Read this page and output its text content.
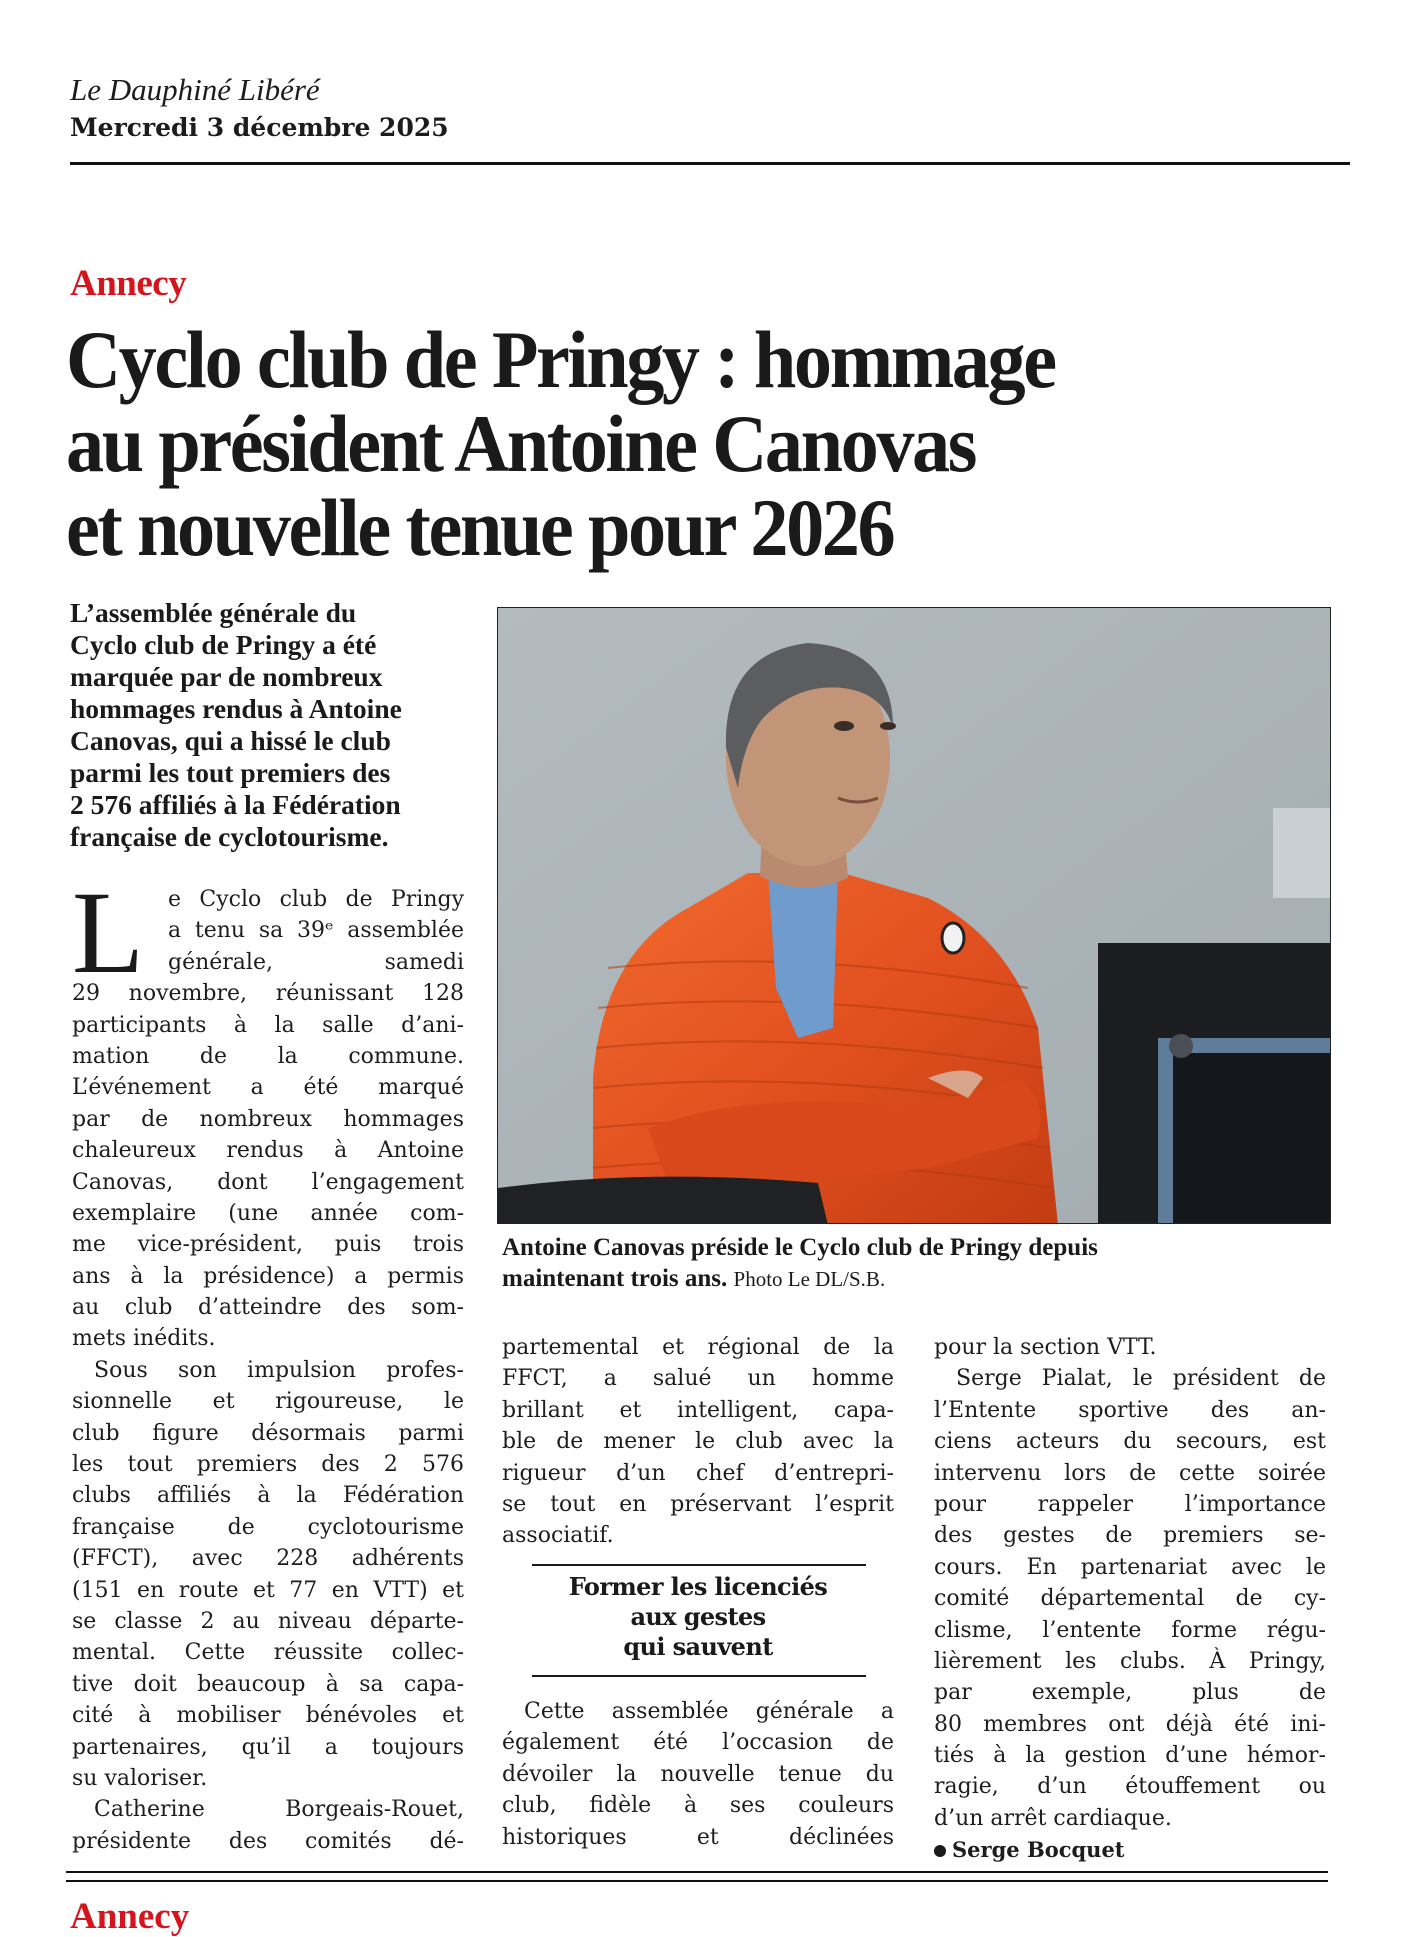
Le Dauphiné Libéré
Mercredi 3 décembre 2025
Annecy
Cyclo club de Pringy : hommage
au président Antoine Canovas
et nouvelle tenue pour 2026
L’assemblée générale du
Cyclo club de Pringy a été
marquée par de nombreux
hommages rendus à Antoine
Canovas, qui a hissé le club
parmi les tout premiers des
2 576 affiliés à la Fédération
française de cyclotourisme.
Antoine Canovas préside le Cyclo club de Pringy depuis
maintenant trois ans. Photo Le DL/S.B.
L	e Cyclo club de Pringy
a tenu sa 39ᵉ assemblée
générale, samedi
29 novembre, réunissant 128
participants à la salle d’ani-
mation de la commune.
L’événement a été marqué
par de nombreux hommages
chaleureux rendus à Antoine
Canovas, dont l’engagement
exemplaire (une année com-
me vice-président, puis trois
ans à la présidence) a permis
au club d’atteindre des som-
mets inédits.
Sous son impulsion profes-
sionnelle et rigoureuse, le
club figure désormais parmi
les tout premiers des 2 576
clubs affiliés à la Fédération
française de cyclotourisme
(FFCT), avec 228 adhérents
(151 en route et 77 en VTT) et
se classe 2 au niveau départe-
mental. Cette réussite collec-
tive doit beaucoup à sa capa-
cité à mobiliser bénévoles et
partenaires, qu’il a toujours
su valoriser.
Catherine Borgeais-Rouet,
présidente des comités dé-
partemental et régional de la
FFCT, a salué un homme
brillant et intelligent, capa-
ble de mener le club avec la
rigueur d’un chef d’entrepri-
se tout en préservant l’esprit
associatif.
Former les licenciés
aux gestes
qui sauvent
Cette assemblée générale a
également été l’occasion de
dévoiler la nouvelle tenue du
club, fidèle à ses couleurs
historiques et déclinées
pour la section VTT.
Serge Pialat, le président de
l’Entente sportive des an-
ciens acteurs du secours, est
intervenu lors de cette soirée
pour rappeler l’importance
des gestes de premiers se-
cours. En partenariat avec le
comité départemental de cy-
clisme, l’entente forme régu-
lièrement les clubs. À Pringy,
par exemple, plus de
80 membres ont déjà été ini-
tiés à la gestion d’une hémor-
ragie, d’un étouffement ou
d’un arrêt cardiaque.
Serge Bocquet
Annecy
